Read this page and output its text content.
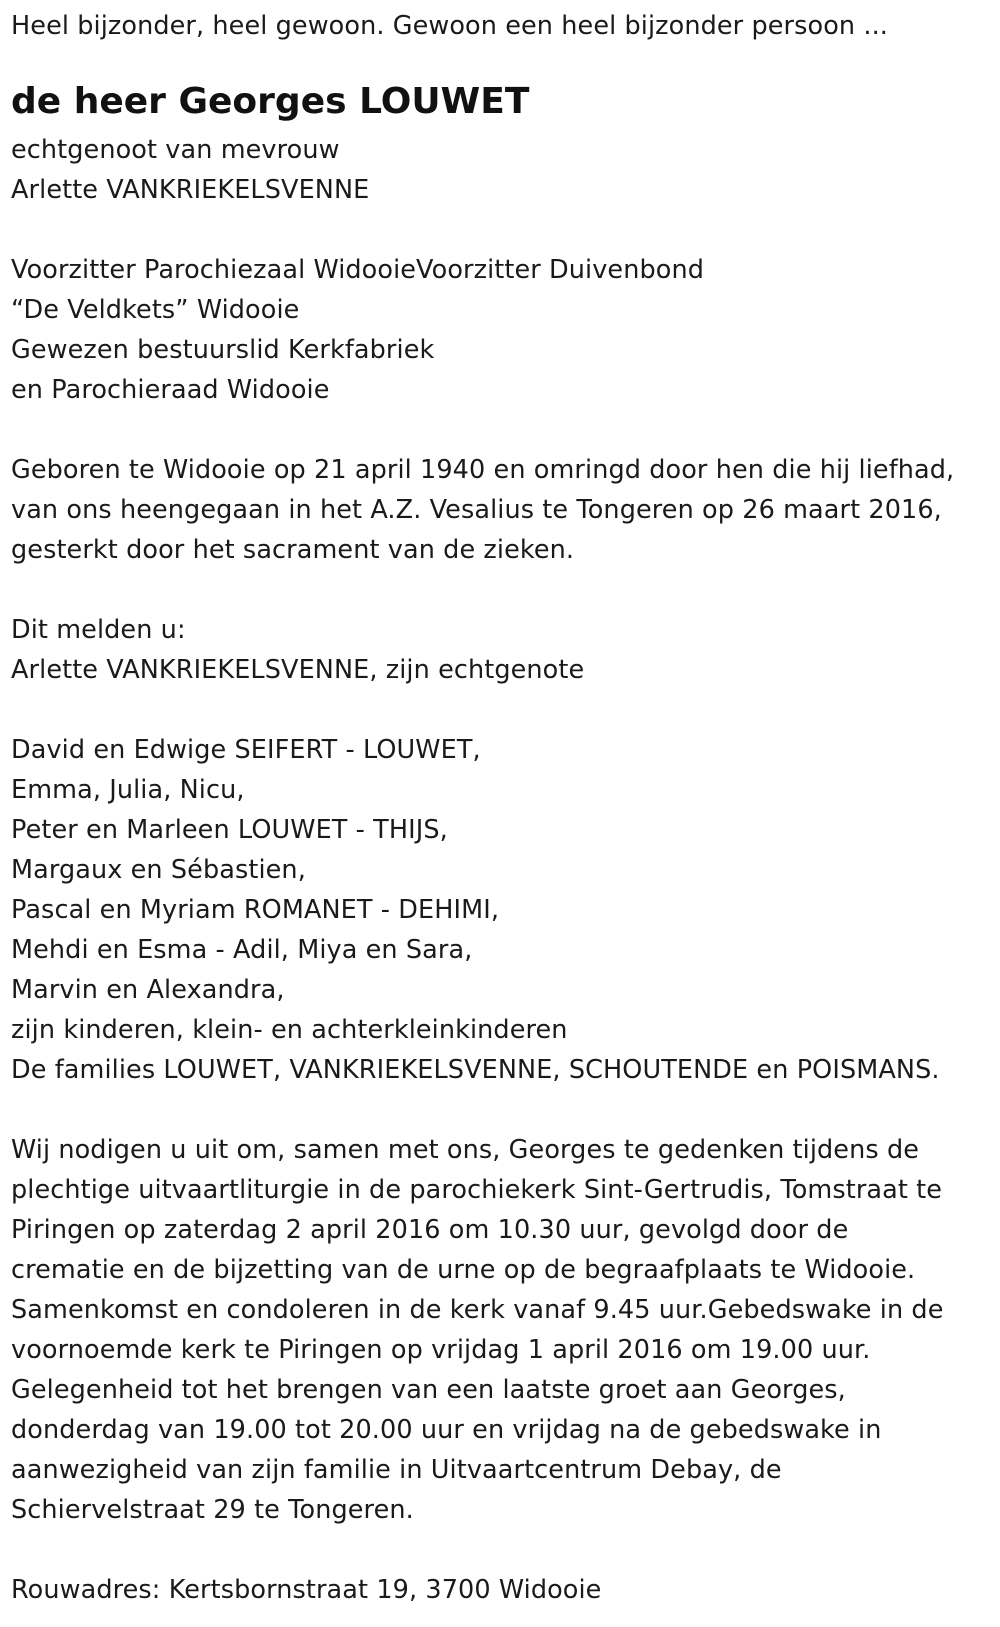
Heel bijzonder, heel gewoon. Gewoon een heel bijzonder persoon ...
de heer Georges LOUWET
echtgenoot van mevrouw
Arlette VANKRIEKELSVENNE
Voorzitter Parochiezaal WidooieVoorzitter Duivenbond
“De Veldkets” Widooie
Gewezen bestuurslid Kerkfabriek
en Parochieraad Widooie
Geboren te Widooie op 21 april 1940 en omringd door hen die hij liefhad,
van ons heengegaan in het A.Z. Vesalius te Tongeren op 26 maart 2016,
gesterkt door het sacrament van de zieken.
Dit melden u:
Arlette VANKRIEKELSVENNE, zijn echtgenote
David en Edwige SEIFERT - LOUWET,
Emma, Julia, Nicu,
Peter en Marleen LOUWET - THIJS,
Margaux en Sébastien,
Pascal en Myriam ROMANET - DEHIMI,
Mehdi en Esma - Adil, Miya en Sara,
Marvin en Alexandra,
zijn kinderen, klein- en achterkleinkinderen
De families LOUWET, VANKRIEKELSVENNE, SCHOUTENDE en POISMANS.
Wij nodigen u uit om, samen met ons, Georges te gedenken tijdens de
plechtige uitvaartliturgie in de parochiekerk Sint-Gertrudis, Tomstraat te
Piringen op zaterdag 2 april 2016 om 10.30 uur, gevolgd door de
crematie en de bijzetting van de urne op de begraafplaats te Widooie.
Samenkomst en condoleren in de kerk vanaf 9.45 uur.Gebedswake in de
voornoemde kerk te Piringen op vrijdag 1 april 2016 om 19.00 uur.
Gelegenheid tot het brengen van een laatste groet aan Georges,
donderdag van 19.00 tot 20.00 uur en vrijdag na de gebedswake in
aanwezigheid van zijn familie in Uitvaartcentrum Debay, de
Schiervelstraat 29 te Tongeren.
Rouwadres: Kertsbornstraat 19, 3700 Widooie
